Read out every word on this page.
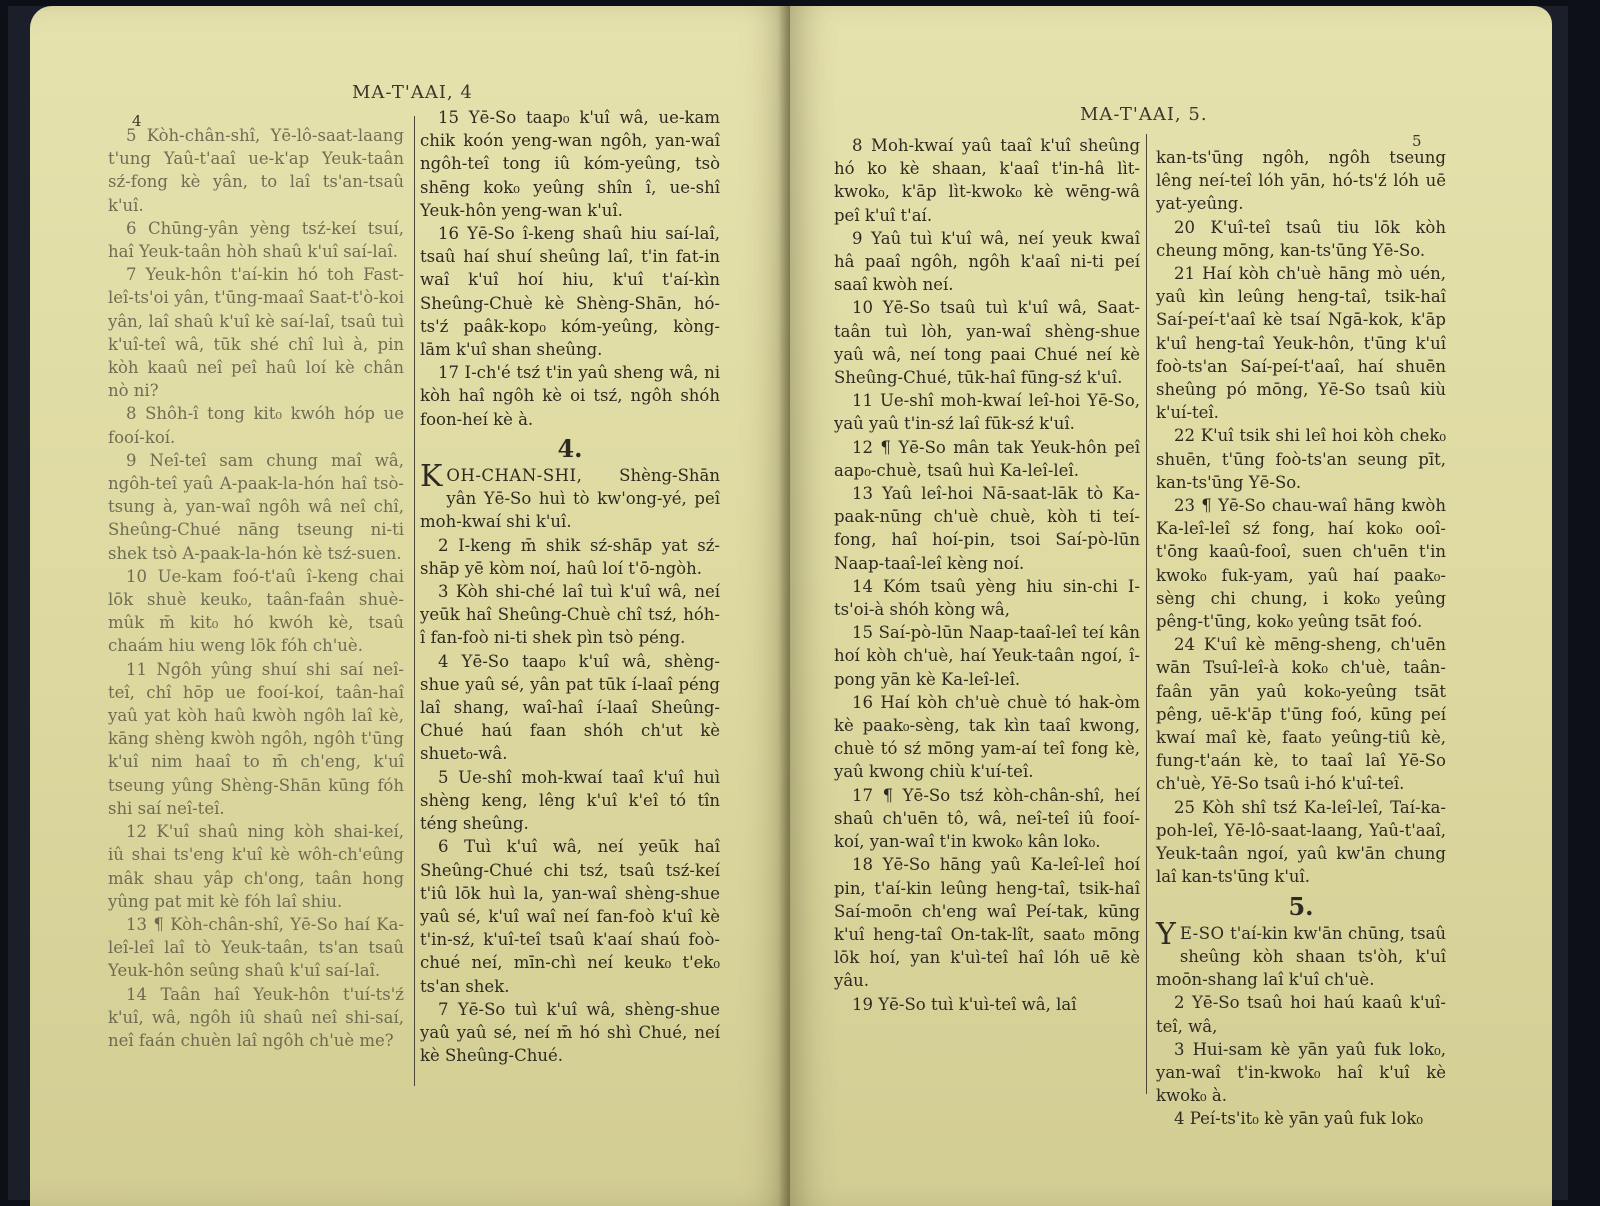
MA-T'AAI, 4
4

5 Kòh-chân-shî, Yē-lô-saat-laang t'ung Yaû-t'aaî ue-k'ap Yeuk-taân sź-fong kè yân, to laî ts'an-tsaû k'uî.

6 Chūng-yân yèng tsź-keí tsuí, haî Yeuk-taân hòh shaû k'uî saí-laî.

7 Yeuk-hôn t'aí-kin hó toh Fast-leî-ts'oi yân, t'ūng-maaî Saat-t'ò-koi yân, laî shaû k'uî kè saí-laî, tsaû tuì k'uî-teî wâ, tūk shé chî luì à, pin kòh kaaû neî peî haû loí kè chân nò ni?

8 Shôh-î tong kit₀ kwóh hóp ue fooí-koí.

9 Neî-teî sam chung maî wâ, ngôh-teî yaû A-paak-la-hón haî tsò-tsung à, yan-waî ngôh wâ neî chî, Sheûng-Chué nāng tseung ni-ti shek tsò A-paak-la-hón kè tsź-suen.

10 Ue-kam foó-t'aû î-keng chai lōk shuè keuk₀, taân-faân shuè-mûk m̄ kit₀ hó kwóh kè, tsaû chaám hiu weng lōk fóh ch'uè.

11 Ngôh yûng shuí shi saí neî-teî, chî hōp ue fooí-koí, taân-haî yaû yat kòh haû kwòh ngôh laî kè, kāng shèng kwòh ngôh, ngôh t'ūng k'uî nim haaî to m̄ ch'eng, k'uî tseung yûng Shèng-Shān kūng fóh shi saí neî-teî.

12 K'uî shaû ning kòh shai-keí, iû shai ts'eng k'uî kè wôh-ch'eûng mâk shau yâp ch'ong, taân hong yûng pat mit kè fóh laî shiu.

13 ¶ Kòh-chân-shî, Yē-So haí Ka-leî-leî laî tò Yeuk-taân, ts'an tsaû Yeuk-hôn seûng shaû k'uî saí-laî.

14 Taân haî Yeuk-hôn t'uí-ts'ź k'uî, wâ, ngôh iû shaû neî shi-saí, neî faán chuèn laî ngôh ch'uè me?

15 Yē-So taap₀ k'uî wâ, ue-kam chik koón yeng-wan ngôh, yan-waî ngôh-teî tong iû kóm-yeûng, tsò shēng kok₀ yeûng shîn î, ue-shî Yeuk-hôn yeng-wan k'uî.

16 Yē-So î-keng shaû hiu saí-laî, tsaû haí shuí sheûng laî, t'in fat-in waî k'uî hoí hiu, k'uî t'aí-kìn Sheûng-Chuè kè Shèng-Shān, hó-ts'ź paâk-kop₀ kóm-yeûng, kòng-lām k'uî shan sheûng.

17 I-ch'é tsź t'in yaû sheng wâ, ni kòh haî ngôh kè oi tsź, ngôh shóh foon-heí kè à.

4.

KOH-CHAN-SHI, Shèng-Shān yân Yē-So huì tò kw'ong-yé, peî moh-kwaí shi k'uî.

2 I-keng m̄ shik sź-shāp yat sź-shāp yē kòm noí, haû loí t'ō-ngòh.

3 Kòh shi-ché laî tuì k'uî wâ, neí yeūk haî Sheûng-Chuè chî tsź, hóh-î fan-foò ni-ti shek pìn tsò péng.

4 Yē-So taap₀ k'uî wâ, shèng-shue yaû sé, yân pat tūk í-laaî péng laî shang, waî-haî í-laaî Sheûng-Chué haú faan shóh ch'ut kè shuet₀-wâ.

5 Ue-shî moh-kwaí taaî k'uî huì shèng keng, lêng k'uî k'eî tó tîn téng sheûng.

6 Tuì k'uî wâ, neí yeūk haî Sheûng-Chué chi tsź, tsaû tsź-keí t'iû lōk huì la, yan-waî shèng-shue yaû sé, k'uî waî neí fan-foò k'uî kè t'in-sź, k'uî-teî tsaû k'aaí shaú foò-chué neí, mīn-chì neí keuk₀ t'ek₀ ts'an shek.

7 Yē-So tuì k'uî wâ, shèng-shue yaû yaû sé, neí m̄ hó shì Chué, neí kè Sheûng-Chué.

MA-T'AAI, 5.
5

8 Moh-kwaí yaû taaî k'uî sheûng hó ko kè shaan, k'aaî t'in-hâ lìt-kwok₀, k'āp lìt-kwok₀ kè wēng-wâ peî k'uî t'aí.

9 Yaû tuì k'uî wâ, neí yeuk kwaî hâ paaî ngôh, ngôh k'aaî ni-ti peí saaî kwòh neí.

10 Yē-So tsaû tuì k'uî wâ, Saat-taân tuì lòh, yan-waî shèng-shue yaû wâ, neí tong paai Chué neí kè Sheûng-Chué, tūk-haî fūng-sź k'uî.

11 Ue-shî moh-kwaí leî-hoi Yē-So, yaû yaû t'in-sź laî fūk-sź k'uî.

12 ¶ Yē-So mân tak Yeuk-hôn peî aap₀-chuè, tsaû huì Ka-leî-leî.

13 Yaû leî-hoi Nā-saat-lāk tò Ka-paak-nūng ch'uè chuè, kòh ti teí-fong, haî hoí-pin, tsoi Saí-pò-lūn Naap-taaî-leî kèng noí.

14 Kóm tsaû yèng hiu sin-chi I-ts'oi-à shóh kòng wâ,

15 Saí-pò-lūn Naap-taaî-leî teí kân hoí kòh ch'uè, haí Yeuk-taân ngoí, î-pong yān kè Ka-leî-leî.

16 Haí kòh ch'uè chuè tó hak-òm kè paak₀-sèng, tak kìn taaî kwong, chuè tó sź mōng yam-aí teî fong kè, yaû kwong chiù k'uí-teî.

17 ¶ Yē-So tsź kòh-chân-shî, heí shaû ch'uēn tô, wâ, neî-teî iû fooí-koí, yan-waî t'in kwok₀ kân lok₀.

18 Yē-So hāng yaû Ka-leî-leî hoí pin, t'aí-kin leûng heng-taî, tsik-haî Saí-moōn ch'eng waî Peí-tak, kūng k'uî heng-taî On-tak-lît, saat₀ mōng lōk hoí, yan k'uì-teî haî lóh uē kè yâu.

19 Yē-So tuì k'uì-teî wâ, laî

kan-ts'ūng ngôh, ngôh tseung lêng neí-teî lóh yān, hó-ts'ź lóh uē yat-yeûng.

20 K'uî-teî tsaû tiu lōk kòh cheung mōng, kan-ts'ūng Yē-So.

21 Haí kòh ch'uè hāng mò uén, yaû kìn leûng heng-taî, tsik-haî Saí-peí-t'aaî kè tsaí Ngā-kok, k'āp k'uî heng-taî Yeuk-hôn, t'ūng k'uî foò-ts'an Saí-peí-t'aaî, haí shuēn sheûng pó mōng, Yē-So tsaû kiù k'uí-teî.

22 K'uî tsik shi leî hoi kòh chek₀ shuēn, t'ūng foò-ts'an seung pīt, kan-ts'ūng Yē-So.

23 ¶ Yē-So chau-waî hāng kwòh Ka-leî-leî sź fong, haí kok₀ ooî-t'ōng kaaû-fooî, suen ch'uēn t'in kwok₀ fuk-yam, yaû haí paak₀-sèng chi chung, i kok₀ yeûng pêng-t'ūng, kok₀ yeûng tsāt foó.

24 K'uî kè mēng-sheng, ch'uēn wān Tsuî-leî-à kok₀ ch'uè, taân-faân yān yaû kok₀-yeûng tsāt pêng, uē-k'āp t'ūng foó, kūng peí kwaí maî kè, faat₀ yeûng-tiû kè, fung-t'aán kè, to taaî laî Yē-So ch'uè, Yē-So tsaû i-hó k'uî-teî.

25 Kòh shî tsź Ka-leî-leî, Taí-ka-poh-leî, Yē-lô-saat-laang, Yaû-t'aaî, Yeuk-taân ngoí, yaû kw'ān chung laî kan-ts'ūng k'uî.

5.

Y E-SO t'aí-kin kw'ān chūng, tsaû sheûng kòh shaan ts'òh, k'uî moōn-shang laî k'uî ch'uè.

2 Yē-So tsaû hoi haú kaaû k'uî-teî, wâ,

3 Hui-sam kè yān yaû fuk lok₀, yan-waî t'in-kwok₀ haî k'uî kè kwok₀ à.

4 Peí-ts'it₀ kè yān yaû fuk lok₀
